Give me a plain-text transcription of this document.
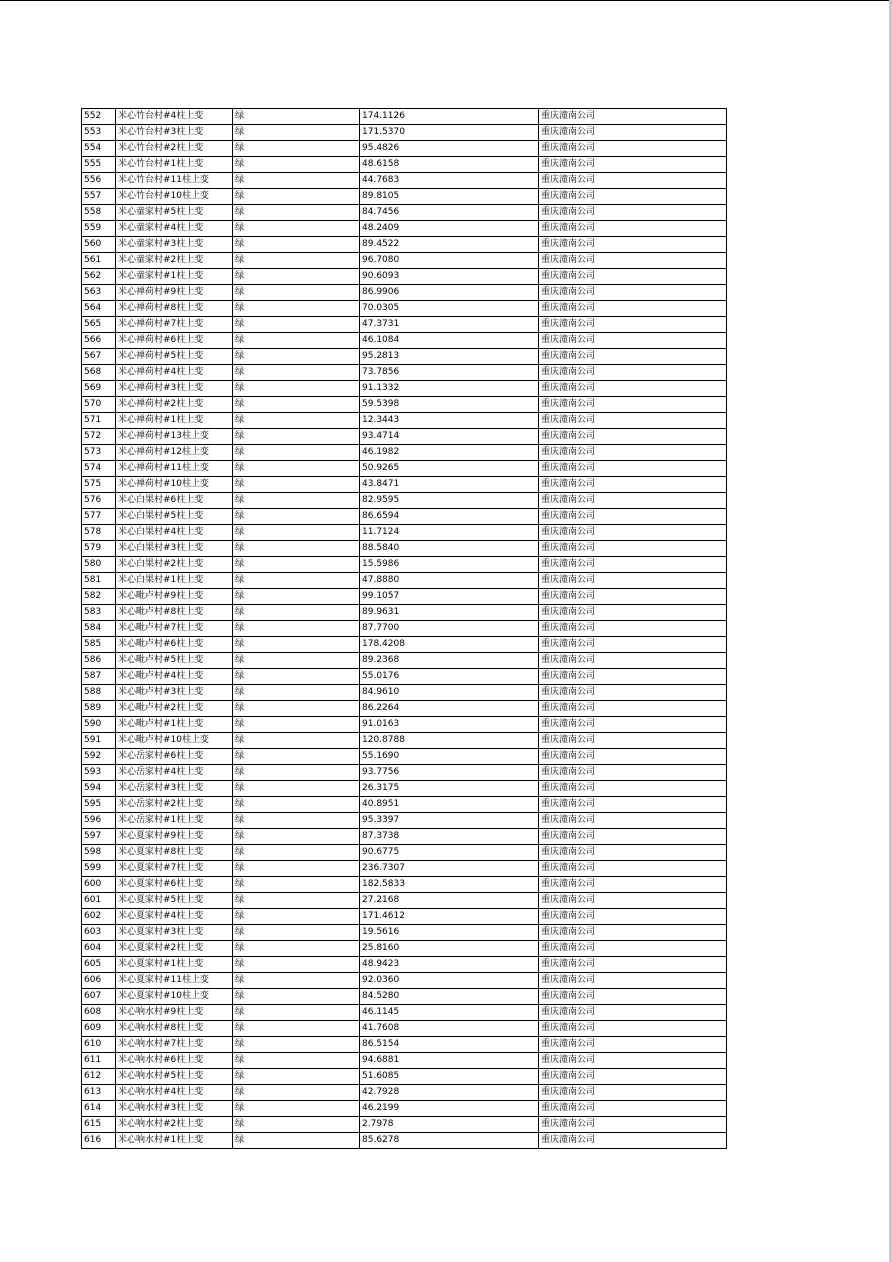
552	米心竹台村#4柱上变	绿	174.1126	重庆潼南公司
553	米心竹台村#3柱上变	绿	171.5370	重庆潼南公司
554	米心竹台村#2柱上变	绿	95.4826	重庆潼南公司
555	米心竹台村#1柱上变	绿	48.6158	重庆潼南公司
556	米心竹台村#11柱上变	绿	44.7683	重庆潼南公司
557	米心竹台村#10柱上变	绿	89.8105	重庆潼南公司
558	米心童家村#5柱上变	绿	84.7456	重庆潼南公司
559	米心童家村#4柱上变	绿	48.2409	重庆潼南公司
560	米心童家村#3柱上变	绿	89.4522	重庆潼南公司
561	米心童家村#2柱上变	绿	96.7080	重庆潼南公司
562	米心童家村#1柱上变	绿	90.6093	重庆潼南公司
563	米心禅荷村#9柱上变	绿	86.9906	重庆潼南公司
564	米心禅荷村#8柱上变	绿	70.0305	重庆潼南公司
565	米心禅荷村#7柱上变	绿	47.3731	重庆潼南公司
566	米心禅荷村#6柱上变	绿	46.1084	重庆潼南公司
567	米心禅荷村#5柱上变	绿	95.2813	重庆潼南公司
568	米心禅荷村#4柱上变	绿	73.7856	重庆潼南公司
569	米心禅荷村#3柱上变	绿	91.1332	重庆潼南公司
570	米心禅荷村#2柱上变	绿	59.5398	重庆潼南公司
571	米心禅荷村#1柱上变	绿	12.3443	重庆潼南公司
572	米心禅荷村#13柱上变	绿	93.4714	重庆潼南公司
573	米心禅荷村#12柱上变	绿	46.1982	重庆潼南公司
574	米心禅荷村#11柱上变	绿	50.9265	重庆潼南公司
575	米心禅荷村#10柱上变	绿	43.8471	重庆潼南公司
576	米心白果村#6柱上变	绿	82.9595	重庆潼南公司
577	米心白果村#5柱上变	绿	86.6594	重庆潼南公司
578	米心白果村#4柱上变	绿	11.7124	重庆潼南公司
579	米心白果村#3柱上变	绿	88.5840	重庆潼南公司
580	米心白果村#2柱上变	绿	15.5986	重庆潼南公司
581	米心白果村#1柱上变	绿	47.8880	重庆潼南公司
582	米心毗卢村#9柱上变	绿	99.1057	重庆潼南公司
583	米心毗卢村#8柱上变	绿	89.9631	重庆潼南公司
584	米心毗卢村#7柱上变	绿	87.7700	重庆潼南公司
585	米心毗卢村#6柱上变	绿	178.4208	重庆潼南公司
586	米心毗卢村#5柱上变	绿	89.2368	重庆潼南公司
587	米心毗卢村#4柱上变	绿	55.0176	重庆潼南公司
588	米心毗卢村#3柱上变	绿	84.9610	重庆潼南公司
589	米心毗卢村#2柱上变	绿	86.2264	重庆潼南公司
590	米心毗卢村#1柱上变	绿	91.0163	重庆潼南公司
591	米心毗卢村#10柱上变	绿	120.8788	重庆潼南公司
592	米心岳家村#6柱上变	绿	55.1690	重庆潼南公司
593	米心岳家村#4柱上变	绿	93.7756	重庆潼南公司
594	米心岳家村#3柱上变	绿	26.3175	重庆潼南公司
595	米心岳家村#2柱上变	绿	40.8951	重庆潼南公司
596	米心岳家村#1柱上变	绿	95.3397	重庆潼南公司
597	米心夏家村#9柱上变	绿	87.3738	重庆潼南公司
598	米心夏家村#8柱上变	绿	90.6775	重庆潼南公司
599	米心夏家村#7柱上变	绿	236.7307	重庆潼南公司
600	米心夏家村#6柱上变	绿	182.5833	重庆潼南公司
601	米心夏家村#5柱上变	绿	27.2168	重庆潼南公司
602	米心夏家村#4柱上变	绿	171.4612	重庆潼南公司
603	米心夏家村#3柱上变	绿	19.5616	重庆潼南公司
604	米心夏家村#2柱上变	绿	25.8160	重庆潼南公司
605	米心夏家村#1柱上变	绿	48.9423	重庆潼南公司
606	米心夏家村#11柱上变	绿	92.0360	重庆潼南公司
607	米心夏家村#10柱上变	绿	84.5280	重庆潼南公司
608	米心响水村#9柱上变	绿	46.1145	重庆潼南公司
609	米心响水村#8柱上变	绿	41.7608	重庆潼南公司
610	米心响水村#7柱上变	绿	86.5154	重庆潼南公司
611	米心响水村#6柱上变	绿	94.6881	重庆潼南公司
612	米心响水村#5柱上变	绿	51.6085	重庆潼南公司
613	米心响水村#4柱上变	绿	42.7928	重庆潼南公司
614	米心响水村#3柱上变	绿	46.2199	重庆潼南公司
615	米心响水村#2柱上变	绿	2.7978	重庆潼南公司
616	米心响水村#1柱上变	绿	85.6278	重庆潼南公司
